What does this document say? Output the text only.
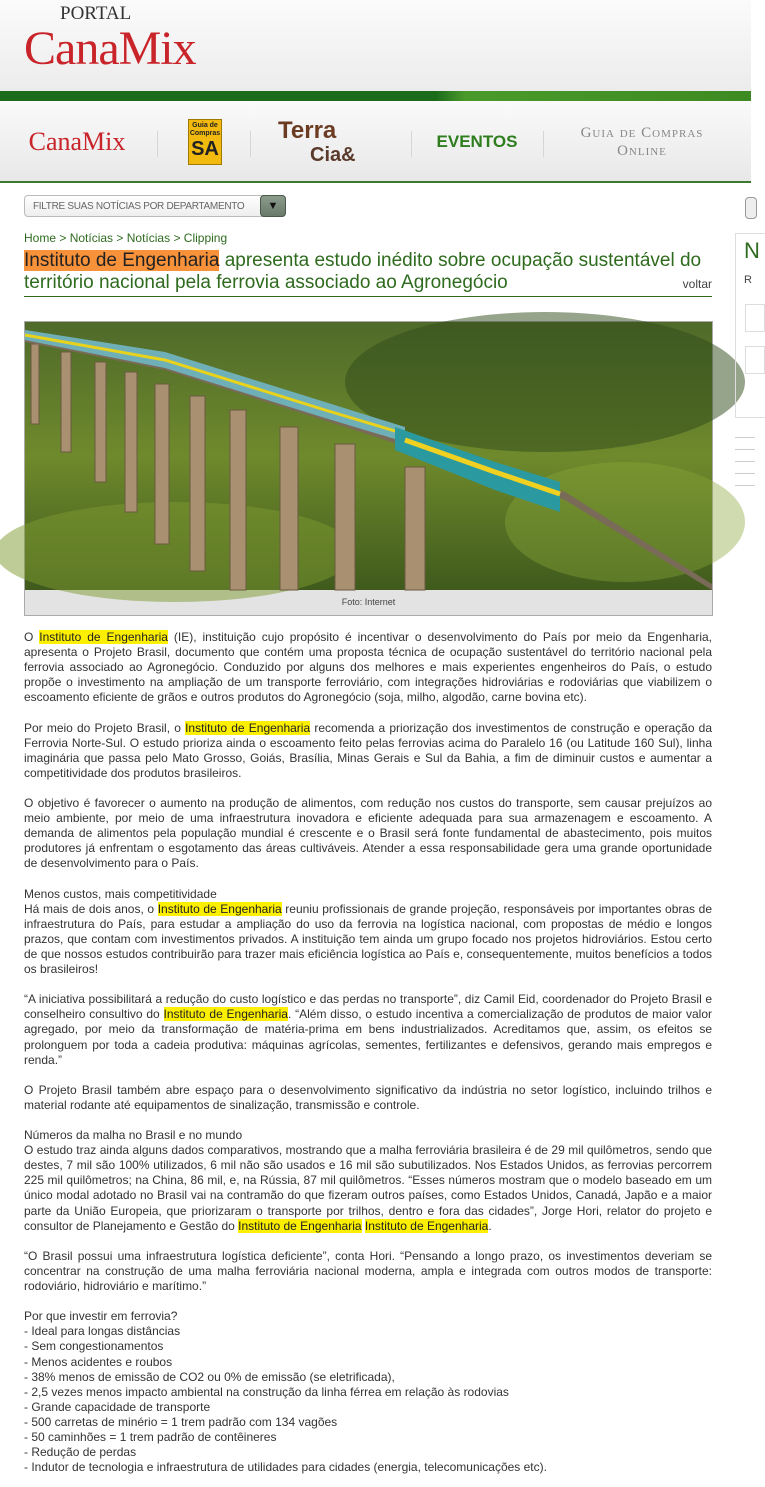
PORTAL
CanaMix
CanaMix
Guia de Compras
SA
Terra
Cia&
EVENTOS	Guia de Compras
Online
FILTRE SUAS NOTÍCIAS POR DEPARTAMENTO	▼
Home > Notícias > Notícias > Clipping
Instituto de Engenharia apresenta estudo inédito sobre ocupação sustentável do território nacional pela ferrovia associado ao Agronegócio	voltar
Foto: Internet

O Instituto de Engenharia (IE), instituição cujo propósito é incentivar o desenvolvimento do País por meio da Engenharia, apresenta o Projeto Brasil, documento que contém uma proposta técnica de ocupação sustentável do território nacional pela ferrovia associado ao Agronegócio. Conduzido por alguns dos melhores e mais experientes engenheiros do País, o estudo propõe o investimento na ampliação de um transporte ferroviário, com integrações hidroviárias e rodoviárias que viabilizem o escoamento eficiente de grãos e outros produtos do Agronegócio (soja, milho, algodão, carne bovina etc).

Por meio do Projeto Brasil, o Instituto de Engenharia recomenda a priorização dos investimentos de construção e operação da Ferrovia Norte-Sul. O estudo prioriza ainda o escoamento feito pelas ferrovias acima do Paralelo 16 (ou Latitude 160 Sul), linha imaginária que passa pelo Mato Grosso, Goiás, Brasília, Minas Gerais e Sul da Bahia, a fim de diminuir custos e aumentar a competitividade dos produtos brasileiros.

O objetivo é favorecer o aumento na produção de alimentos, com redução nos custos do transporte, sem causar prejuízos ao meio ambiente, por meio de uma infraestrutura inovadora e eficiente adequada para sua armazenagem e escoamento. A demanda de alimentos pela população mundial é crescente e o Brasil será fonte fundamental de abastecimento, pois muitos produtores já enfrentam o esgotamento das áreas cultiváveis. Atender a essa responsabilidade gera uma grande oportunidade de desenvolvimento para o País.

Menos custos, mais competitividade
Há mais de dois anos, o Instituto de Engenharia reuniu profissionais de grande projeção, responsáveis por importantes obras de infraestrutura do País, para estudar a ampliação do uso da ferrovia na logística nacional, com propostas de médio e longos prazos, que contam com investimentos privados. A instituição tem ainda um grupo focado nos projetos hidroviários. Estou certo de que nossos estudos contribuirão para trazer mais eficiência logística ao País e, consequentemente, muitos benefícios a todos os brasileiros!

“A iniciativa possibilitará a redução do custo logístico e das perdas no transporte”, diz Camil Eid, coordenador do Projeto Brasil e conselheiro consultivo do Instituto de Engenharia. “Além disso, o estudo incentiva a comercialização de produtos de maior valor agregado, por meio da transformação de matéria-prima em bens industrializados. Acreditamos que, assim, os efeitos se prolonguem por toda a cadeia produtiva: máquinas agrícolas, sementes, fertilizantes e defensivos, gerando mais empregos e renda.”

O Projeto Brasil também abre espaço para o desenvolvimento significativo da indústria no setor logístico, incluindo trilhos e material rodante até equipamentos de sinalização, transmissão e controle.

Números da malha no Brasil e no mundo
O estudo traz ainda alguns dados comparativos, mostrando que a malha ferroviária brasileira é de 29 mil quilômetros, sendo que destes, 7 mil são 100% utilizados, 6 mil não são usados e 16 mil são subutilizados. Nos Estados Unidos, as ferrovias percorrem 225 mil quilômetros; na China, 86 mil, e, na Rússia, 87 mil quilômetros. “Esses números mostram que o modelo baseado em um único modal adotado no Brasil vai na contramão do que fizeram outros países, como Estados Unidos, Canadá, Japão e a maior parte da União Europeia, que priorizaram o transporte por trilhos, dentro e fora das cidades”, Jorge Hori, relator do projeto e consultor de Planejamento e Gestão do Instituto de Engenharia Instituto de Engenharia.

“O Brasil possui uma infraestrutura logística deficiente”, conta Hori. “Pensando a longo prazo, os investimentos deveriam se concentrar na construção de uma malha ferroviária nacional moderna, ampla e integrada com outros modos de transporte: rodoviário, hidroviário e marítimo.”

Por que investir em ferrovia?
- Ideal para longas distâncias
- Sem congestionamentos
- Menos acidentes e roubos
- 38% menos de emissão de CO2 ou 0% de emissão (se eletrificada),
- 2,5 vezes menos impacto ambiental na construção da linha férrea em relação às rodovias
- Grande capacidade de transporte
- 500 carretas de minério = 1 trem padrão com 134 vagões
- 50 caminhões = 1 trem padrão de contêineres
- Redução de perdas
- Indutor de tecnologia e infraestrutura de utilidades para cidades (energia, telecomunicações etc).
N
R
